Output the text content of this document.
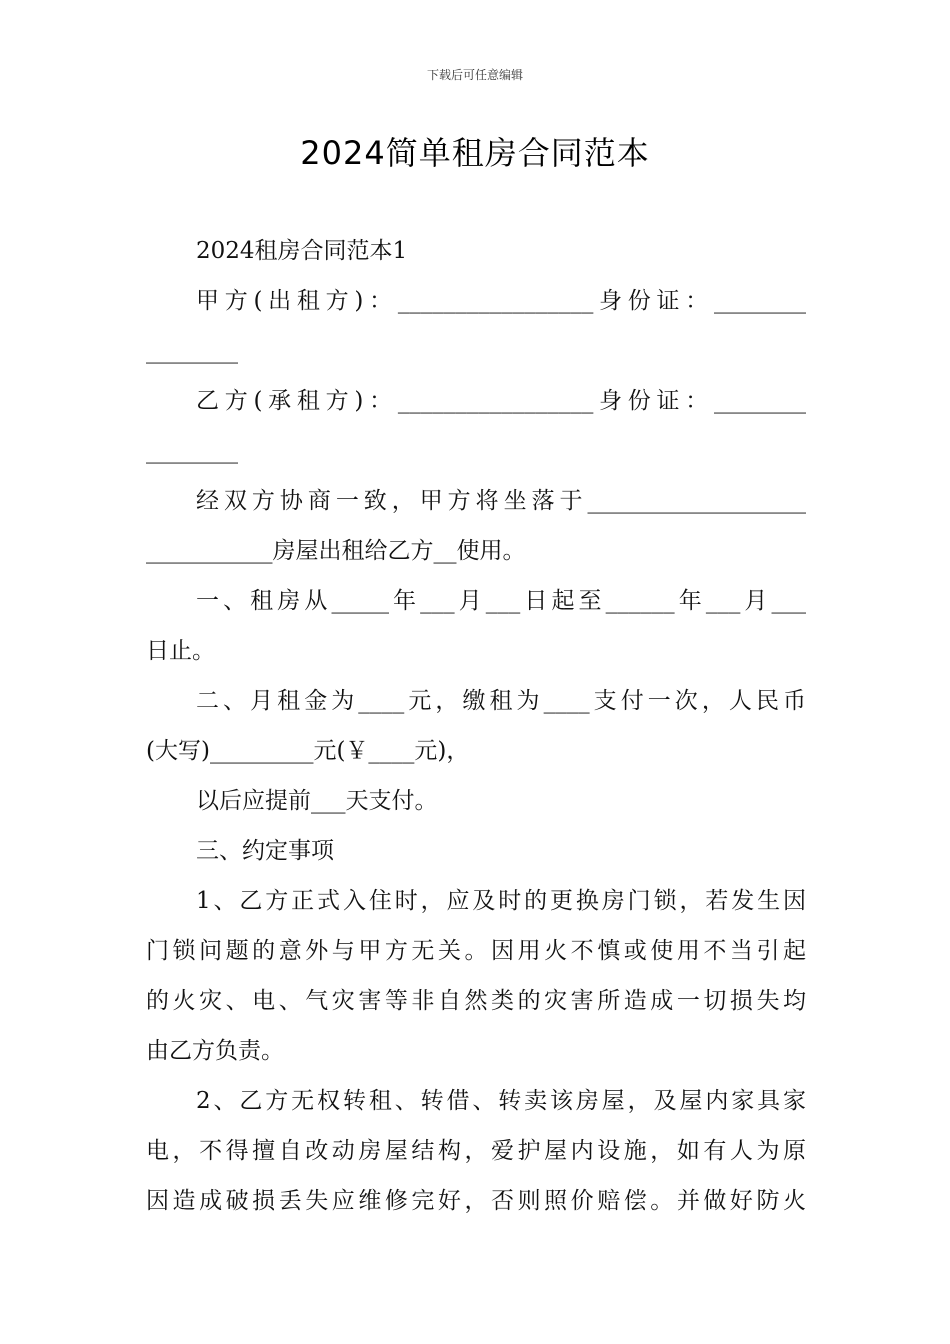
下载后可任意编辑
2024简单租房合同范本

2024租房合同范本1

甲方(出租方)：_________________身份证：________

________

乙方(承租方)：_________________身份证：________

________

经双方协商一致，甲方将坐落于___________________

___________房屋出租给乙方__使用。

一、租房从_____年___月___日起至______年___月___

日止。

二、月租金为____元，缴租为____支付一次，人民币

(大写)_________元(￥____元)，

以后应提前___天支付。

三、约定事项

1、乙方正式入住时，应及时的更换房门锁，若发生因

门锁问题的意外与甲方无关。因用火不慎或使用不当引起

的火灾、电、气灾害等非自然类的灾害所造成一切损失均

由乙方负责。

2、乙方无权转租、转借、转卖该房屋，及屋内家具家

电，不得擅自改动房屋结构，爱护屋内设施，如有人为原

因造成破损丢失应维修完好，否则照价赔偿。并做好防火
